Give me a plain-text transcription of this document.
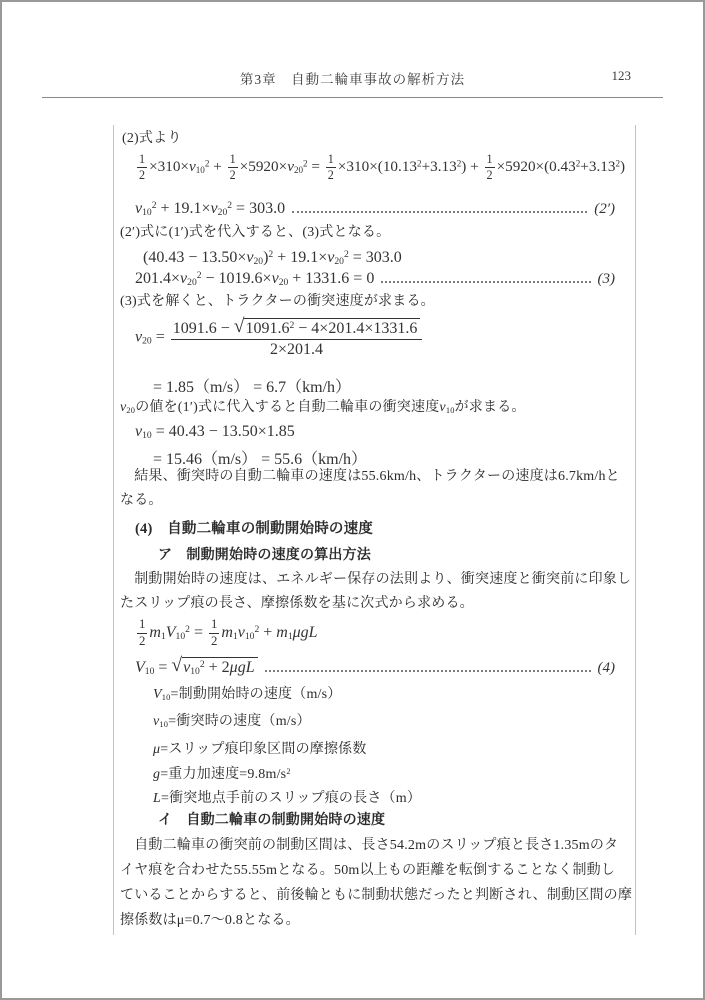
第3章　自動二輪車事故の解析方法	123
(2)式より
$\frac{1}{2} \times 310\times v_{10}^2 + \frac{1}{2} \times 5920\times v_{20}^2 = \frac{1}{2} \times 310\times(10.13^2+3.13^2) + \frac{1}{2} \times 5920\times(0.43^2+3.13^2)$
$v_{10}^2 + 19.1\times v_{20}^2 = 303.0$	(2′)
(2′)式に(1′)式を代入すると、(3)式となる。
$(40.43 - 13.50\times v_{20})^2 + 19.1\times v_{20}^2 = 303.0$
$201.4\times v_{20}^2 - 1019.6\times v_{20} + 1331.6 = 0$	(3)
(3)式を解くと、トラクターの衝突速度が求まる。
$v_{20} = \frac{1091.6 - √ 1091.6^2 - 4\times 201.4\times 1331.6}{2\times 201.4}$
= 1.85（m/s） = 6.7（km/h）
$v_{20}$の値を(1′)式に代入すると自動二輪車の衝突速度$v_{10}$が求まる。
$v_{10} = 40.43 - 13.50\times 1.85$
= 15.46（m/s） = 55.6（km/h）
　結果、衝突時の自動二輪車の速度は55.6km/h、トラクターの速度は6.7km/hと
なる。
(4)　自動二輪車の制動開始時の速度
ア　制動開始時の速度の算出方法
　制動開始時の速度は、エネルギー保存の法則より、衝突速度と衝突前に印象し
たスリップ痕の長さ、摩擦係数を基に次式から求める。
$\frac{1}{2} m_1V_{10}^2 = \frac{1}{2} m_1v_{10}^2 + m_1\mu gL$
$V_{10}$ = √ $v_{10}^2 + 2\mu gL$	(4)
$V_{10}=$制動開始時の速度（m/s）
$v_{10}=$衝突時の速度（m/s）
μ=スリップ痕印象区間の摩擦係数
g=重力加速度$=9.8m/s^2$
L=衝突地点手前のスリップ痕の長さ（m）
イ　自動二輪車の制動開始時の速度
　自動二輪車の衝突前の制動区間は、長さ54.2mのスリップ痕と長さ1.35mのタ
イヤ痕を合わせた55.55mとなる。50m以上もの距離を転倒することなく制動し
ていることからすると、前後輪ともに制動状態だったと判断され、制動区間の摩
擦係数はμ=0.7～0.8となる。
